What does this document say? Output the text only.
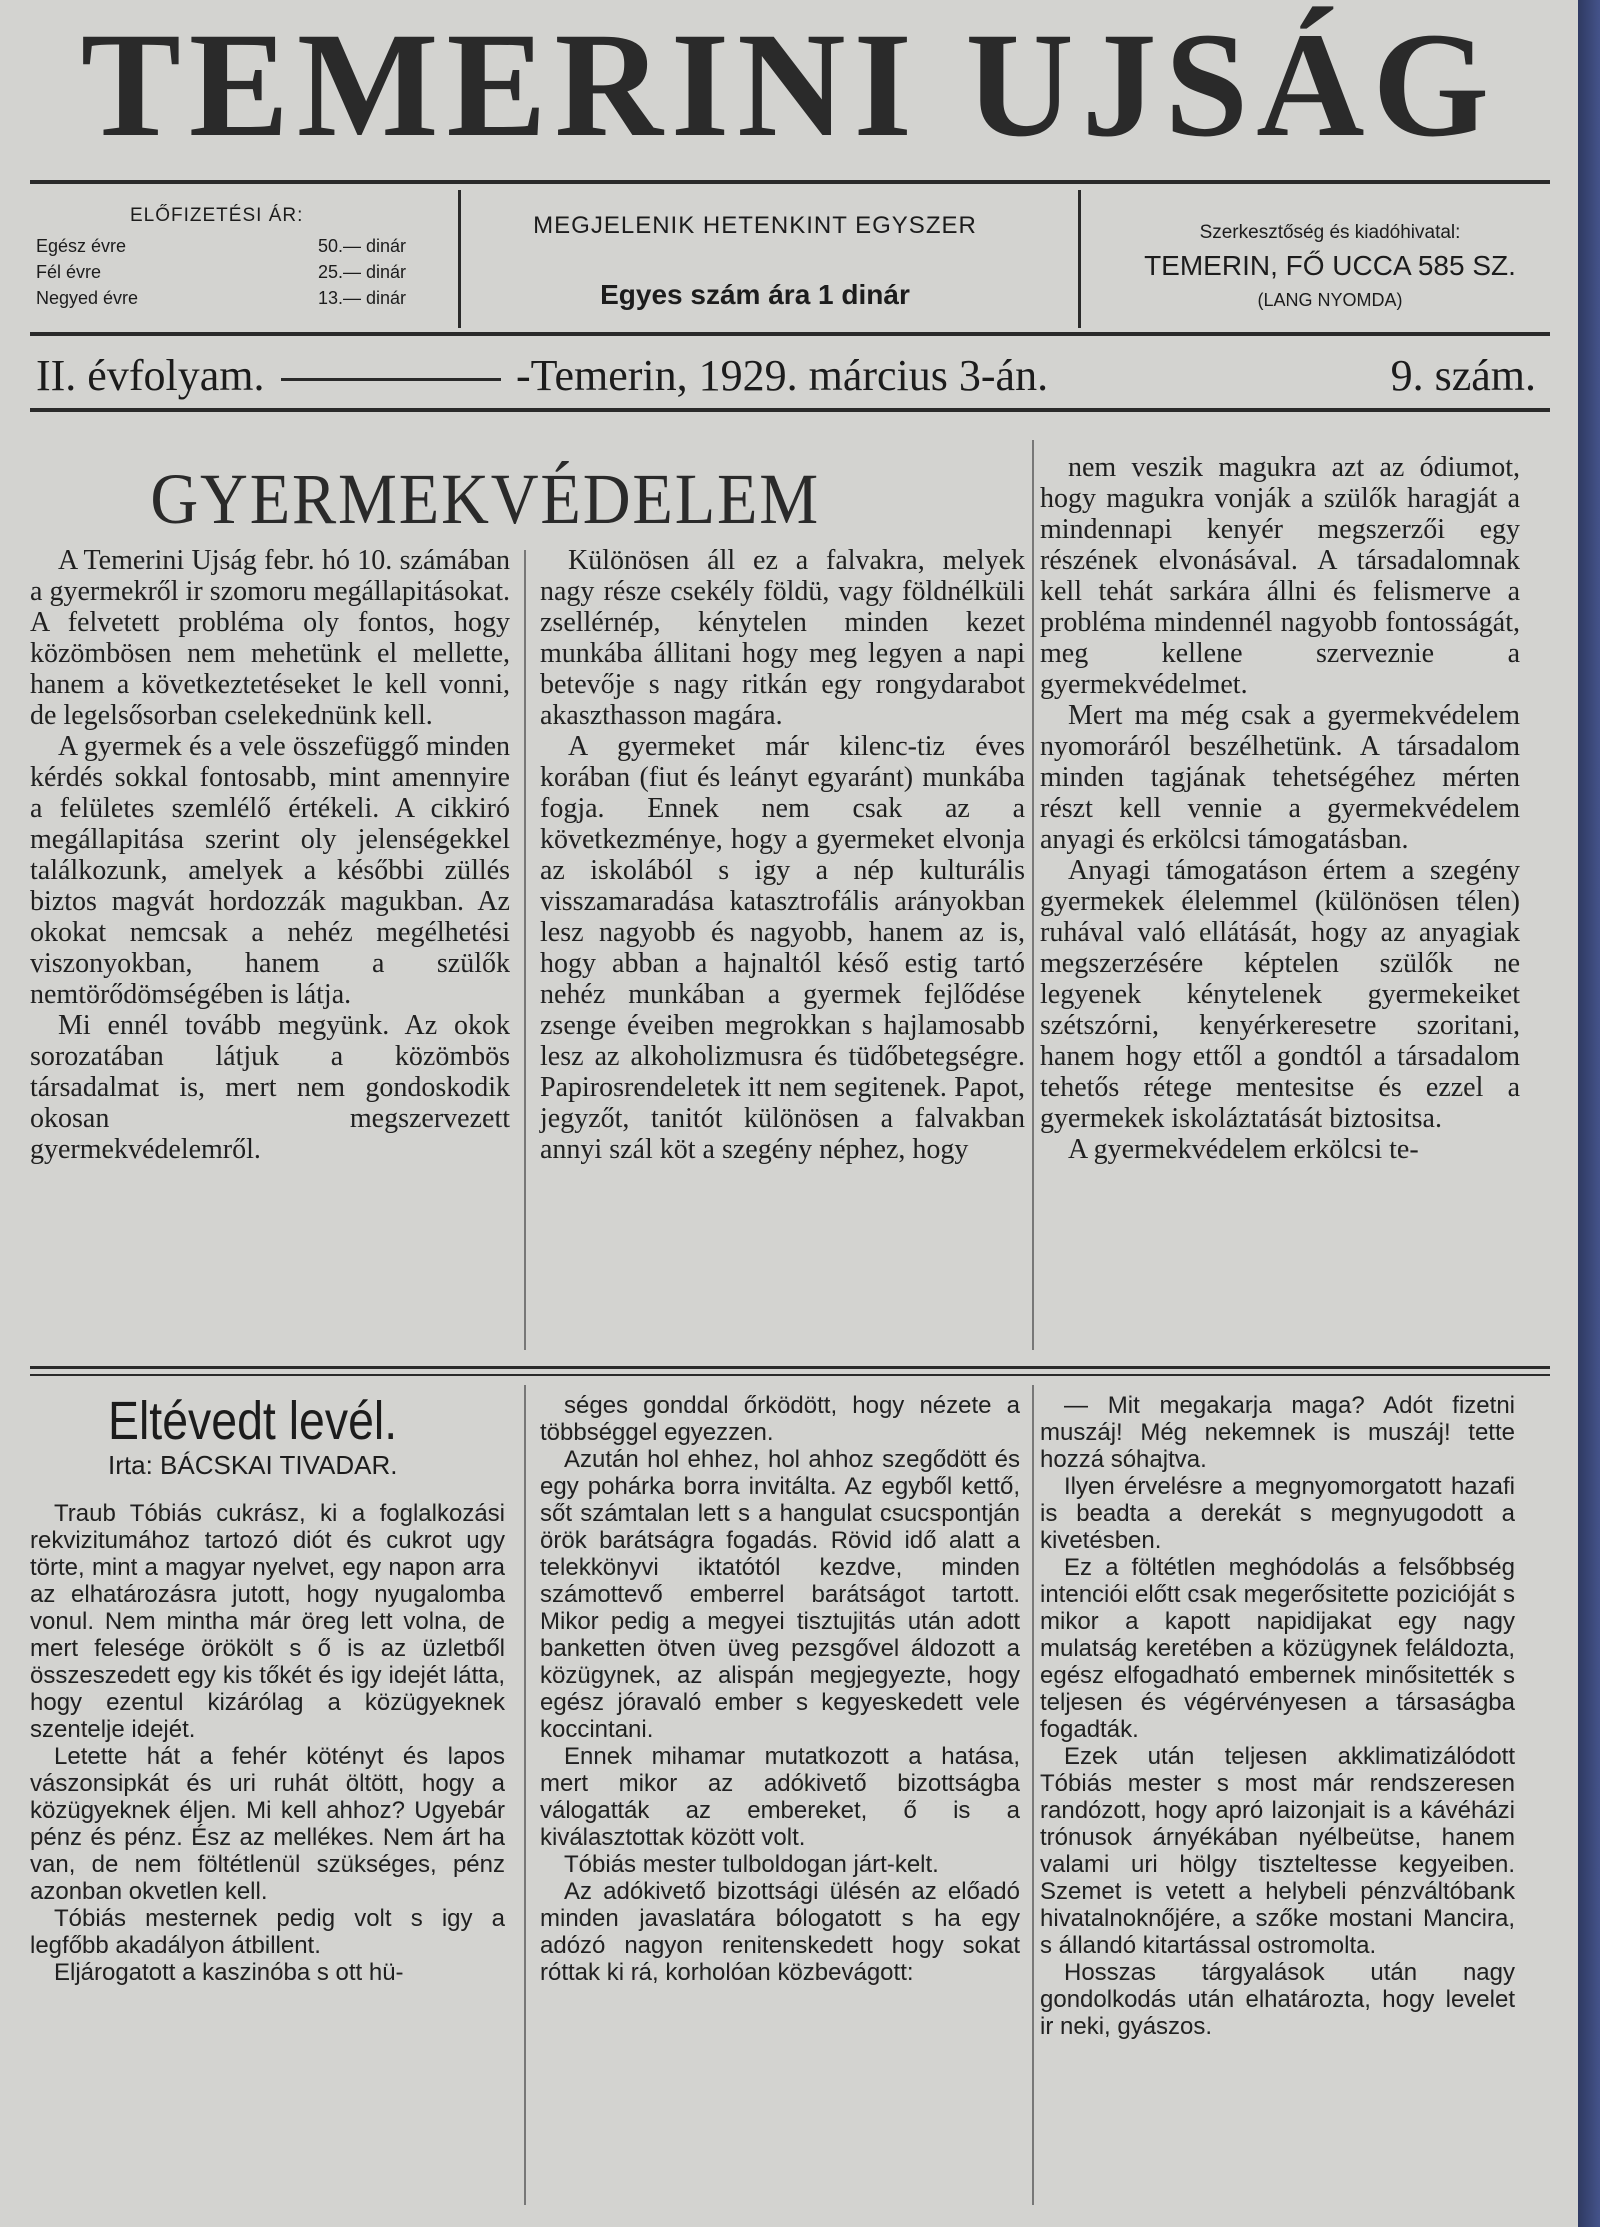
TEMERINI UJSÁG
ELŐFIZETÉSI ÁR:
Egész évre	50.— dinár
Fél évre	25.— dinár
Negyed évre	13.— dinár
MEGJELENIK HETENKINT EGYSZER
Egyes szám ára 1 dinár
Szerkesztőség és kiadóhivatal:
TEMERIN, FŐ UCCA 585 SZ.
(LANG NYOMDA)
II. évfolyam.	-Temerin, 1929. március 3-án.	9. szám.
GYERMEKVÉDELEM

A Temerini Ujság febr. hó 10. számában a gyermekről ir szomoru megállapitásokat. A felvetett probléma oly fontos, hogy közömbösen nem mehetünk el mellette, hanem a következtetéseket le kell vonni, de legelsősorban cselekednünk kell.

A gyermek és a vele összefüggő minden kérdés sokkal fontosabb, mint amennyire a felületes szemlélő értékeli. A cikkiró megállapitása szerint oly jelenségekkel találkozunk, amelyek a későbbi züllés biztos magvát hordozzák magukban. Az okokat nemcsak a nehéz megélhetési viszonyokban, hanem a szülők nemtörődömségében is látja.

Mi ennél tovább megyünk. Az okok sorozatában látjuk a közömbös társadalmat is, mert nem gondoskodik okosan megszervezett gyermekvédelemről.

Különösen áll ez a falvakra, melyek nagy része csekély földü, vagy földnélküli zsellérnép, kénytelen minden kezet munkába állitani hogy meg legyen a napi betevője s nagy ritkán egy rongydarabot akaszthasson magára.

A gyermeket már kilenc-tiz éves korában (fiut és leányt egyaránt) munkába fogja. Ennek nem csak az a következménye, hogy a gyermeket elvonja az iskolából s igy a nép kulturális visszamaradása katasztrofális arányokban lesz nagyobb és nagyobb, hanem az is, hogy abban a hajnaltól késő estig tartó nehéz munkában a gyermek fejlődése zsenge éveiben megrokkan s hajlamosabb lesz az alkoholizmusra és tüdőbetegségre. Papirosrendeletek itt nem segitenek. Papot, jegyzőt, tanitót különösen a falvakban annyi szál köt a szegény néphez, hogy

nem veszik magukra azt az ódiumot, hogy magukra vonják a szülők haragját a mindennapi kenyér megszerzői egy részének elvonásával. A társadalomnak kell tehát sarkára állni és felismerve a probléma mindennél nagyobb fontosságát, meg kellene szerveznie a gyermekvédelmet.

Mert ma még csak a gyermekvédelem nyomoráról beszélhetünk. A társadalom minden tagjának tehetségéhez mérten részt kell vennie a gyermekvédelem anyagi és erkölcsi támogatásban.

Anyagi támogatáson értem a szegény gyermekek élelemmel (különösen télen) ruhával való ellátását, hogy az anyagiak megszerzésére képtelen szülők ne legyenek kénytelenek gyermekeiket szétszórni, kenyérkeresetre szoritani, hanem hogy ettől a gondtól a társadalom tehetős rétege mentesitse és ezzel a gyermekek iskoláztatását biztositsa.

A gyermekvédelem erkölcsi te-

Eltévedt levél.
Irta: BÁCSKAI TIVADAR.

Traub Tóbiás cukrász, ki a foglalkozási rekvizitumához tartozó diót és cukrot ugy törte, mint a magyar nyelvet, egy napon arra az elhatározásra jutott, hogy nyugalomba vonul. Nem mintha már öreg lett volna, de mert felesége örökölt s ő is az üzletből összeszedett egy kis tőkét és igy idejét látta, hogy ezentul kizárólag a közügyeknek szentelje idejét.

Letette hát a fehér kötényt és lapos vászonsipkát és uri ruhát öltött, hogy a közügyeknek éljen. Mi kell ahhoz? Ugyebár pénz és pénz. Ész az mellékes. Nem árt ha van, de nem föltétlenül szükséges, pénz azonban okvetlen kell.

Tóbiás mesternek pedig volt s igy a legfőbb akadályon átbillent.

Eljárogatott a kaszinóba s ott hü-

séges gonddal őrködött, hogy nézete a többséggel egyezzen.

Azután hol ehhez, hol ahhoz szegődött és egy pohárka borra invitálta. Az egyből kettő, sőt számtalan lett s a hangulat csucspontján örök barátságra fogadás. Rövid idő alatt a telekkönyvi iktatótól kezdve, minden számottevő emberrel barátságot tartott. Mikor pedig a megyei tisztujitás után adott banketten ötven üveg pezsgővel áldozott a közügynek, az alispán megjegyezte, hogy egész jóravaló ember s kegyeskedett vele koccintani.

Ennek mihamar mutatkozott a hatása, mert mikor az adókivető bizottságba válogatták az embereket, ő is a kiválasztottak között volt.

Tóbiás mester tulboldogan járt-kelt.

Az adókivető bizottsági ülésén az előadó minden javaslatára bólogatott s ha egy adózó nagyon renitenskedett hogy sokat róttak ki rá, korholóan közbevágott:

— Mit megakarja maga? Adót fizetni muszáj! Még nekemnek is muszáj! tette hozzá sóhajtva.

Ilyen érvelésre a megnyomorgatott hazafi is beadta a derekát s megnyugodott a kivetésben.

Ez a föltétlen meghódolás a felsőbbség intenciói előtt csak megerősitette pozicióját s mikor a kapott napidijakat egy nagy mulatság keretében a közügynek feláldozta, egész elfogadható embernek minősitették s teljesen és végérvényesen a társaságba fogadták.

Ezek után teljesen akklimatizálódott Tóbiás mester s most már rendszeresen randózott, hogy apró laizonjait is a kávéházi trónusok árnyékában nyélbeütse, hanem valami uri hölgy tiszteltesse kegyeiben. Szemet is vetett a helybeli pénzváltóbank hivatalnoknőjére, a szőke mostani Mancira, s állandó kitartással ostromolta.

Hosszas tárgyalások után nagy gondolkodás után elhatározta, hogy levelet ir neki, gyászos.
